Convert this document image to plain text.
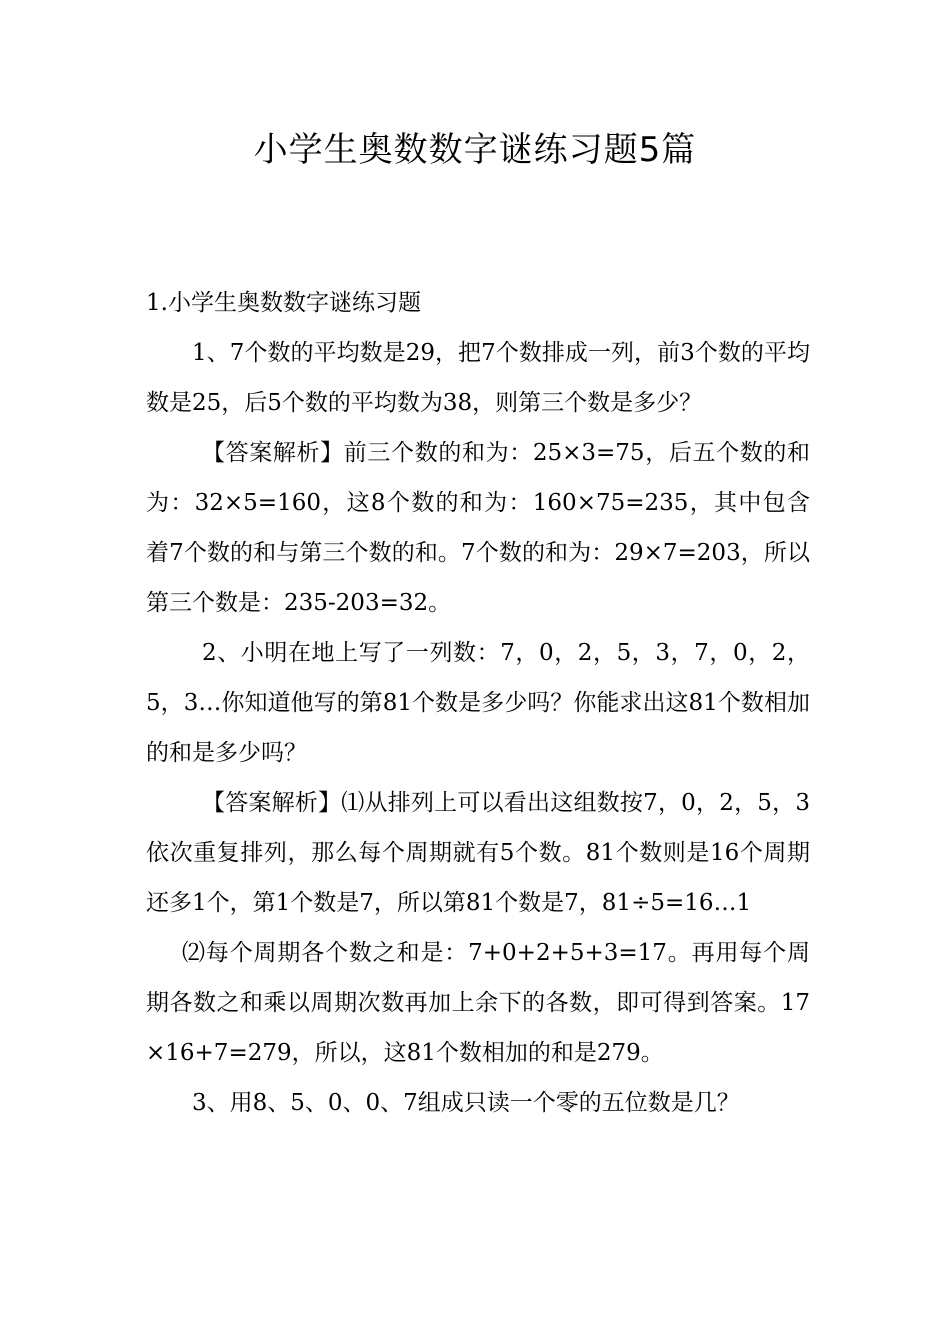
小学生奥数数字谜练习题5篇

1.小学生奥数数字谜练习题

1、7个数的平均数是29，把7个数排成一列，前3个数的平均数是25，后5个数的平均数为38，则第三个数是多少？

【答案解析】前三个数的和为：25×3=75，后五个数的和为：32×5=160，这8个数的和为：160×75=235，其中包含着7个数的和与第三个数的和。7个数的和为：29×7=203，所以第三个数是：235-203=32。

2、小明在地上写了一列数：7，0，2，5，3，7，0，2，5，3…你知道他写的第81个数是多少吗？你能求出这81个数相加的和是多少吗？

【答案解析】⑴从排列上可以看出这组数按7，0，2，5，3依次重复排列，那么每个周期就有5个数。81个数则是16个周期还多1个，第1个数是7，所以第81个数是7，81÷5=16…1

⑵每个周期各个数之和是：7+0+2+5+3=17。再用每个周期各数之和乘以周期次数再加上余下的各数，即可得到答案。17×16+7=279，所以，这81个数相加的和是279。

3、用8、5、0、0、7组成只读一个零的五位数是几？
